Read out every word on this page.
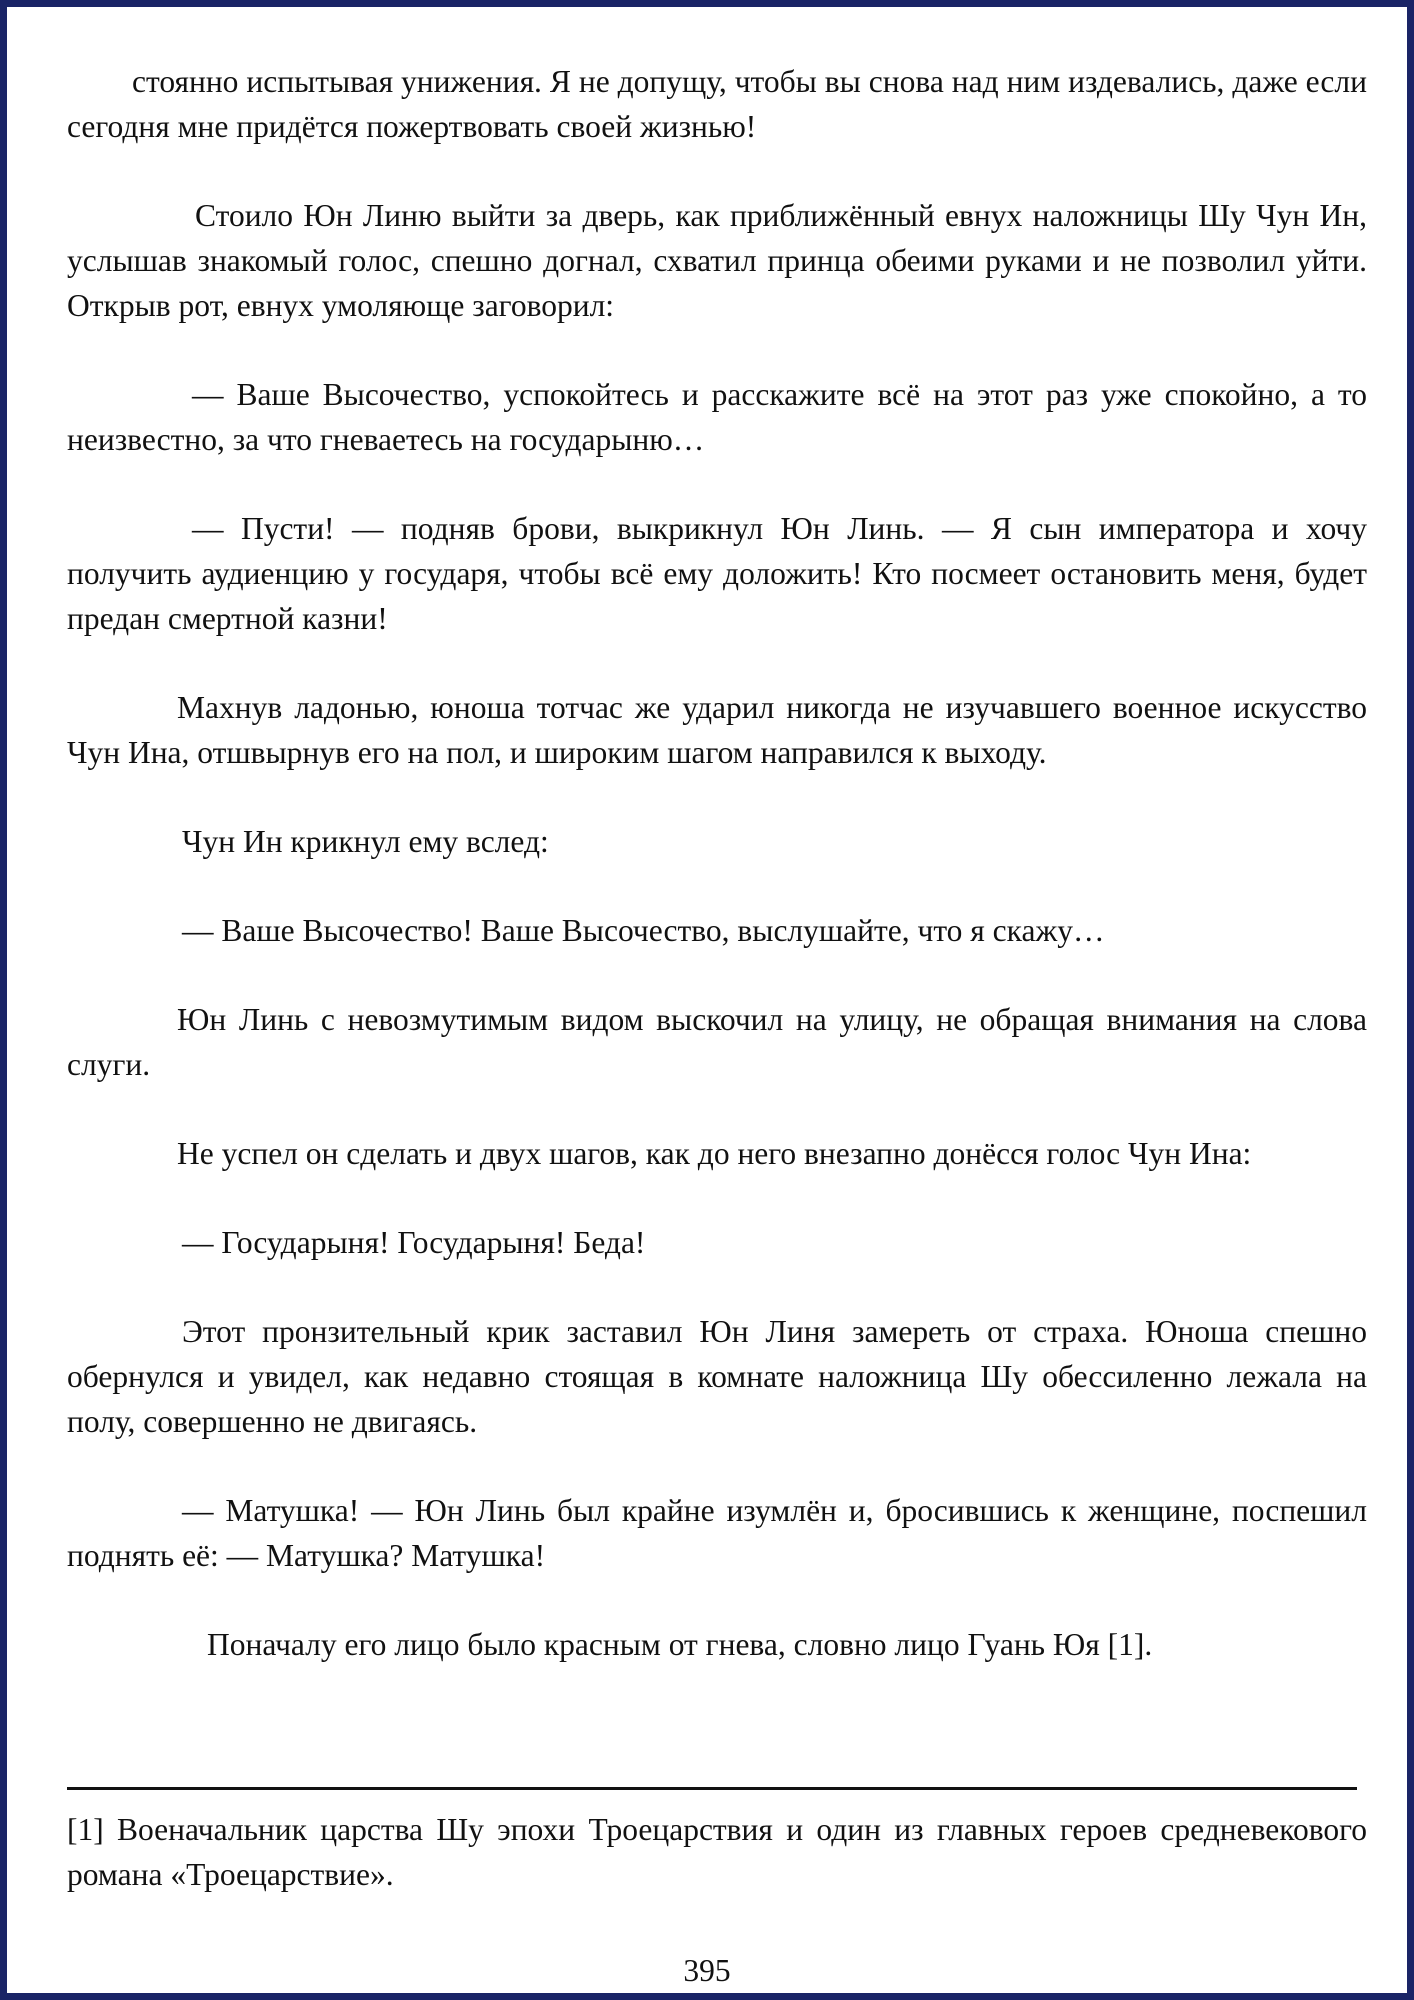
стоянно испытывая унижения. Я не допущу, чтобы вы снова над ним издевались, даже если сегодня мне придётся пожертвовать своей жизнью!

Стоило Юн Линю выйти за дверь, как приближённый евнух наложницы Шу Чун Ин, услышав знакомый голос, спешно догнал, схватил принца обеими руками и не позволил уйти. Открыв рот, евнух умоляюще заговорил:

— Ваше Высочество, успокойтесь и расскажите всё на этот раз уже спокойно, а то неизвестно, за что гневаетесь на государыню…

— Пусти! — подняв брови, выкрикнул Юн Линь. — Я сын императора и хочу получить аудиенцию у государя, чтобы всё ему доложить! Кто посмеет остановить меня, будет предан смертной казни!

Махнув ладонью, юноша тотчас же ударил никогда не изучавшего военное искусство Чун Ина, отшвырнув его на пол, и широким шагом направился к выходу.

Чун Ин крикнул ему вслед:

— Ваше Высочество! Ваше Высочество, выслушайте, что я скажу…

Юн Линь с невозмутимым видом выскочил на улицу, не обращая внимания на слова слуги.

Не успел он сделать и двух шагов, как до него внезапно донёсся голос Чун Ина:

— Государыня! Государыня! Беда!

Этот пронзительный крик заставил Юн Линя замереть от страха. Юноша спешно обернулся и увидел, как недавно стоящая в комнате наложница Шу обессиленно лежала на полу, совершенно не двигаясь.

— Матушка! — Юн Линь был крайне изумлён и, бросившись к женщине, поспешил поднять её: — Матушка? Матушка!

Поначалу его лицо было красным от гнева, словно лицо Гуань Юя [1].

[1] Военачальник царства Шу эпохи Троецарствия и один из главных героев средневекового романа «Троецарствие».

395
